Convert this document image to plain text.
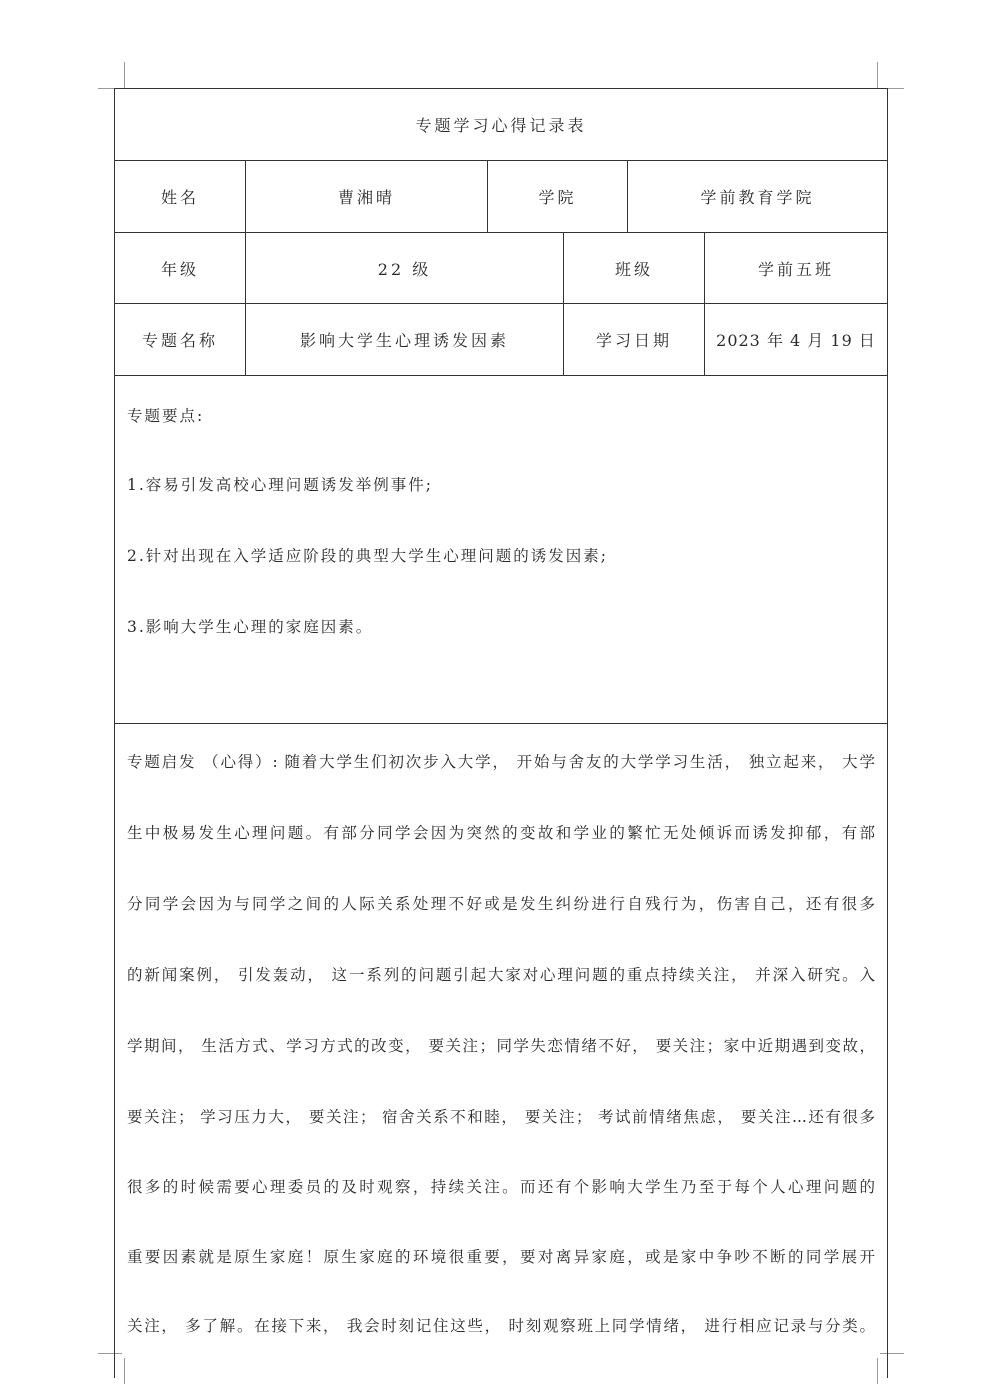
专题学习心得记录表
姓名	曹湘晴	学院	学前教育学院
年级	22 级	班级	学前五班
专题名称	影响大学生心理诱发因素	学习日期	2023 年 4 月 19 日

专题要点:

1.容易引发高校心理问题诱发举例事件;

2.针对出现在入学适应阶段的典型大学生心理问题的诱发因素;

3.影响大学生心理的家庭因素。

专题启发 （心得）: 随着大学生们初次步入大学， 开始与舍友的大学学习生活， 独立起来， 大学

生中极易发生心理问题。有部分同学会因为突然的变故和学业的繁忙无处倾诉而诱发抑郁，有部

分同学会因为与同学之间的人际关系处理不好或是发生纠纷进行自残行为，伤害自己，还有很多

的新闻案例， 引发轰动， 这一系列的问题引起大家对心理问题的重点持续关注， 并深入研究。入

学期间， 生活方式、学习方式的改变， 要关注；同学失恋情绪不好， 要关注；家中近期遇到变故，

要关注； 学习压力大， 要关注； 宿舍关系不和睦， 要关注； 考试前情绪焦虑， 要关注...还有很多

很多的时候需要心理委员的及时观察，持续关注。而还有个影响大学生乃至于每个人心理问题的

重要因素就是原生家庭！原生家庭的环境很重要，要对离异家庭，或是家中争吵不断的同学展开

关注， 多了解。在接下来， 我会时刻记住这些， 时刻观察班上同学情绪， 进行相应记录与分类。
